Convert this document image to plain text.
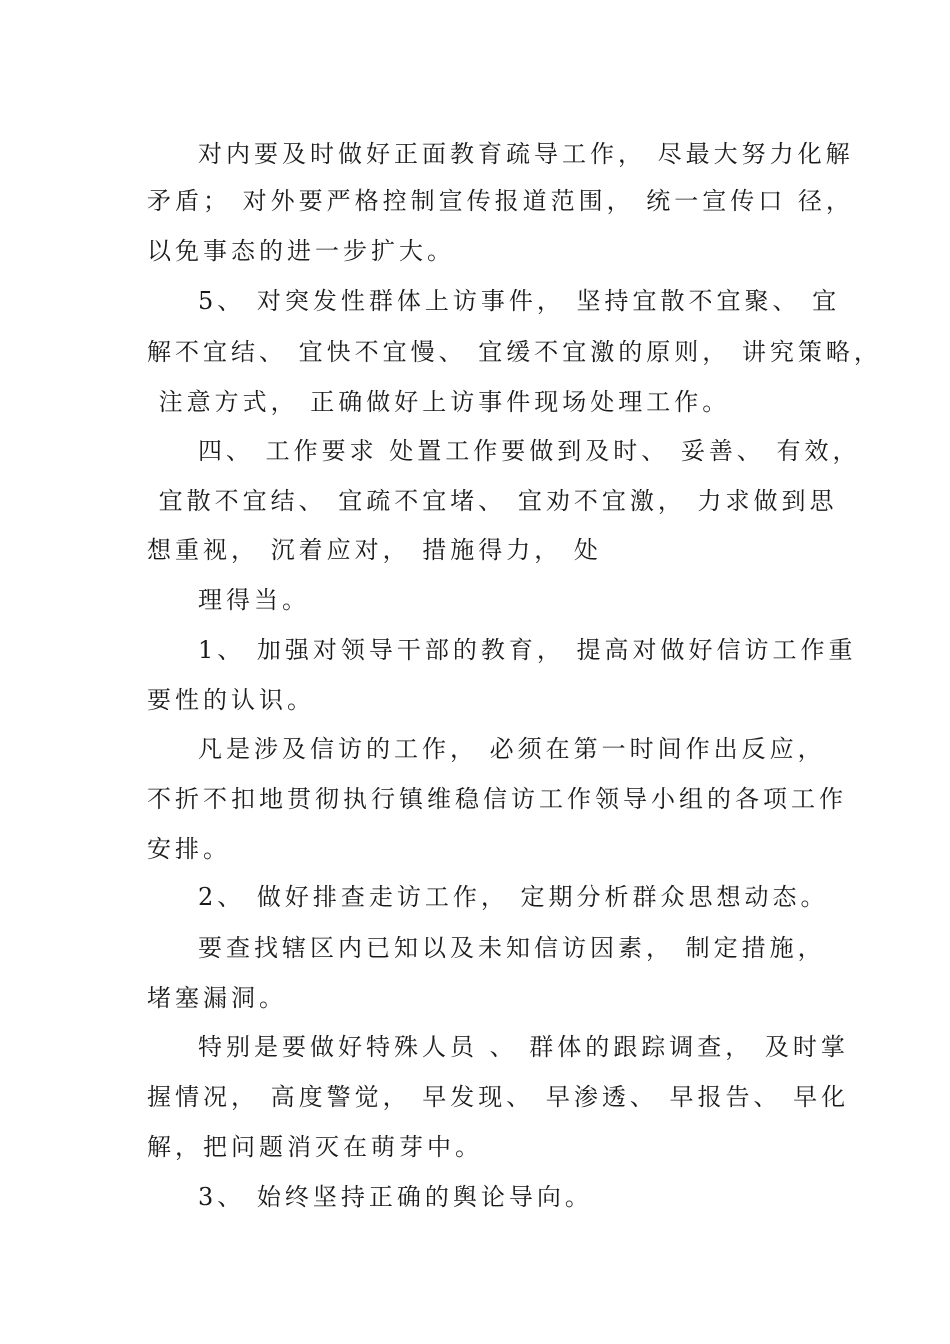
对内要及时做好正面教育疏导工作， 尽最大努力化解
矛盾； 对外要严格控制宣传报道范围， 统一宣传口 径，
以免事态的进一步扩大。
5、 对突发性群体上访事件， 坚持宜散不宜聚、 宜
解不宜结、 宜快不宜慢、 宜缓不宜激的原则， 讲究策略，
注意方式， 正确做好上访事件现场处理工作。
四、 工作要求 处置工作要做到及时、 妥善、 有效，
宜散不宜结、 宜疏不宜堵、 宜劝不宜激， 力求做到思
想重视， 沉着应对， 措施得力， 处
理得当。
1、 加强对领导干部的教育， 提高对做好信访工作重
要性的认识。
凡是涉及信访的工作， 必须在第一时间作出反应，
不折不扣地贯彻执行镇维稳信访工作领导小组的各项工作
安排。
2、 做好排查走访工作， 定期分析群众思想动态。
要查找辖区内已知以及未知信访因素， 制定措施，
堵塞漏洞。
特别是要做好特殊人员 、 群体的跟踪调查， 及时掌
握情况， 高度警觉， 早发现、 早渗透、 早报告、 早化
解，把问题消灭在萌芽中。
3、 始终坚持正确的舆论导向。
